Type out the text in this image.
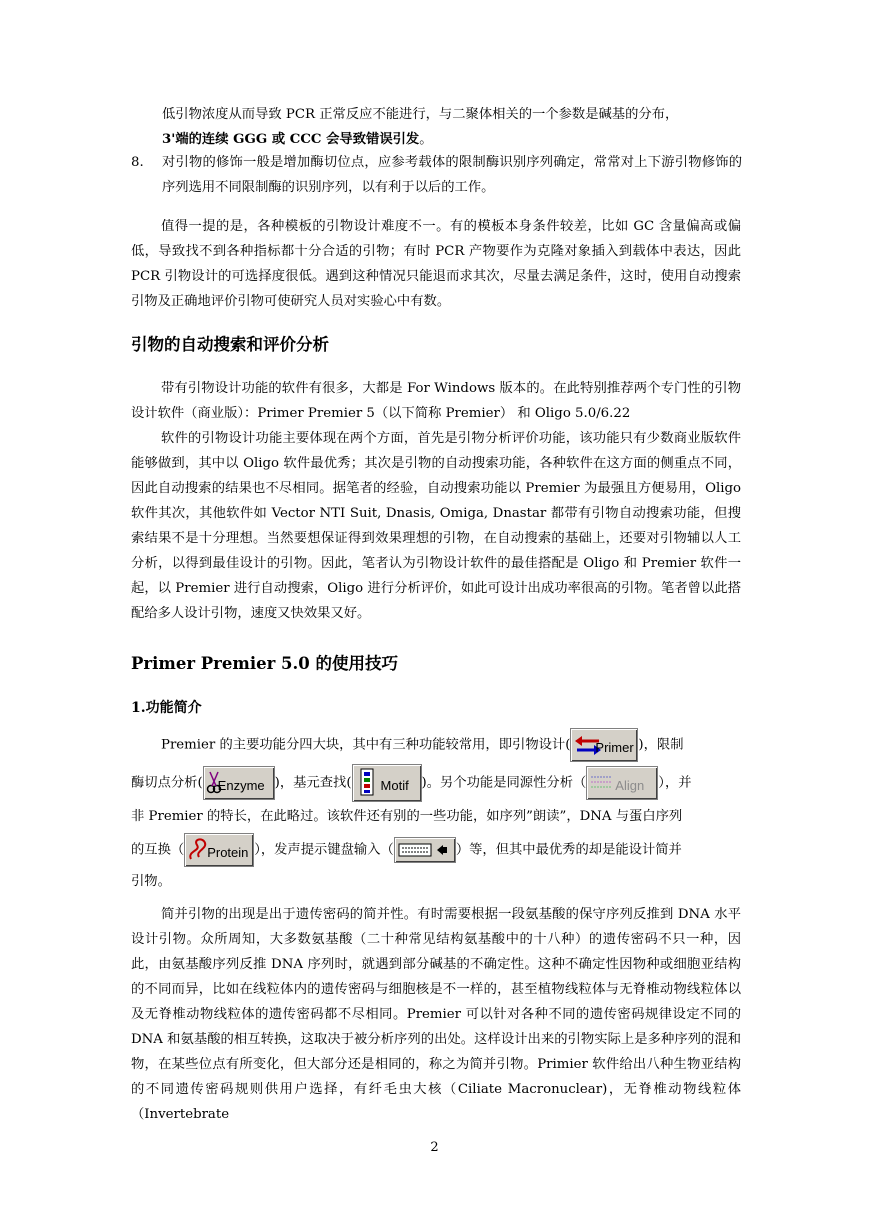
低引物浓度从而导致 PCR 正常反应不能进行，与二聚体相关的一个参数是碱基的分布，
3'端的连续 GGG 或 CCC 会导致错误引发。

8. 对引物的修饰一般是增加酶切位点，应参考载体的限制酶识别序列确定，常常对上下游引物修饰的序列选用不同限制酶的识别序列，以有利于以后的工作。

值得一提的是，各种模板的引物设计难度不一。有的模板本身条件较差，比如 GC 含量偏高或偏低，导致找不到各种指标都十分合适的引物；有时 PCR 产物要作为克隆对象插入到载体中表达，因此 PCR 引物设计的可选择度很低。遇到这种情况只能退而求其次，尽量去满足条件，这时，使用自动搜索引物及正确地评价引物可使研究人员对实验心中有数。

引物的自动搜索和评价分析

带有引物设计功能的软件有很多，大都是 For Windows 版本的。在此特别推荐两个专门性的引物设计软件（商业版）：Primer Premier 5（以下简称 Premier） 和 Oligo 5.0/6.22

软件的引物设计功能主要体现在两个方面，首先是引物分析评价功能，该功能只有少数商业版软件能够做到，其中以 Oligo 软件最优秀；其次是引物的自动搜索功能，各种软件在这方面的侧重点不同，因此自动搜索的结果也不尽相同。据笔者的经验，自动搜索功能以 Premier 为最强且方便易用，Oligo 软件其次，其他软件如 Vector NTI Suit, Dnasis, Omiga, Dnastar 都带有引物自动搜索功能，但搜索结果不是十分理想。当然要想保证得到效果理想的引物，在自动搜索的基础上，还要对引物辅以人工分析，以得到最佳设计的引物。因此，笔者认为引物设计软件的最佳搭配是 Oligo 和 Premier 软件一起，以 Premier 进行自动搜索，Oligo 进行分析评价，如此可设计出成功率很高的引物。笔者曾以此搭配给多人设计引物，速度又快效果又好。

Primer Premier 5.0 的使用技巧
1.功能简介
Premier 的主要功能分四大块，其中有三种功能较常用，即引物设计( Primer )，限制
酶切点分析( Enzyme )，基元查找( Motif )。另个功能是同源性分析（ Align ），并
非 Premier 的特长，在此略过。该软件还有别的一些功能，如序列”朗读”，DNA 与蛋白序列
的互换（ Protein ），发声提示键盘输入（	）等，但其中最优秀的却是能设计简并
引物。

简并引物的出现是出于遗传密码的简并性。有时需要根据一段氨基酸的保守序列反推到 DNA 水平设计引物。众所周知，大多数氨基酸（二十种常见结构氨基酸中的十八种）的遗传密码不只一种，因此，由氨基酸序列反推 DNA 序列时，就遇到部分碱基的不确定性。这种不确定性因物种或细胞亚结构的不同而异，比如在线粒体内的遗传密码与细胞核是不一样的，甚至植物线粒体与无脊椎动物线粒体以及无脊椎动物线粒体的遗传密码都不尽相同。Premier 可以针对各种不同的遗传密码规律设定不同的 DNA 和氨基酸的相互转换，这取决于被分析序列的出处。这样设计出来的引物实际上是多种序列的混和物，在某些位点有所变化，但大部分还是相同的，称之为简并引物。Primier 软件给出八种生物亚结构的不同遗传密码规则供用户选择，有纤毛虫大核（Ciliate Macronuclear)，无脊椎动物线粒体（Invertebrate

2
